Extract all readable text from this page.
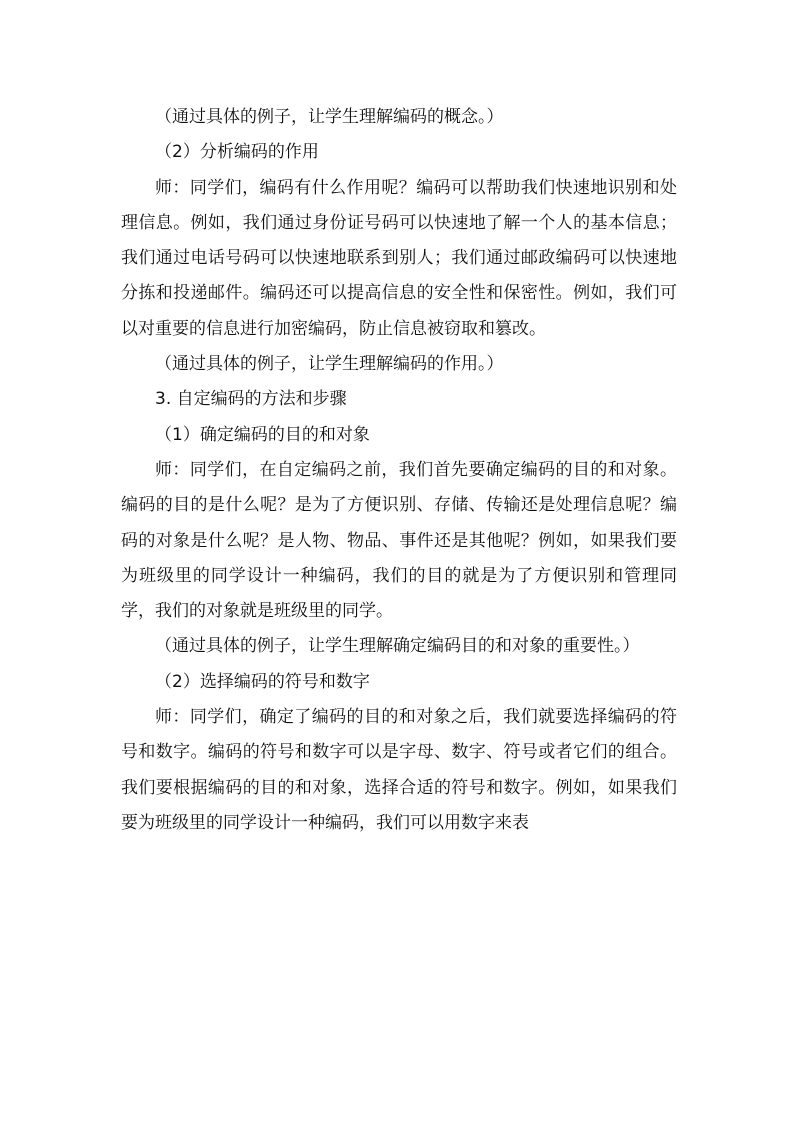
（通过具体的例子，让学生理解编码的概念。）

（2）分析编码的作用

师：同学们，编码有什么作用呢？编码可以帮助我们快速地识别和处理信息。例如，我们通过身份证号码可以快速地了解一个人的基本信息；我们通过电话号码可以快速地联系到别人；我们通过邮政编码可以快速地分拣和投递邮件。编码还可以提高信息的安全性和保密性。例如，我们可以对重要的信息进行加密编码，防止信息被窃取和篡改。

（通过具体的例子，让学生理解编码的作用。）

3. 自定编码的方法和步骤

（1）确定编码的目的和对象

师：同学们，在自定编码之前，我们首先要确定编码的目的和对象。编码的目的是什么呢？是为了方便识别、存储、传输还是处理信息呢？编码的对象是什么呢？是人物、物品、事件还是其他呢？例如，如果我们要为班级里的同学设计一种编码，我们的目的就是为了方便识别和管理同学，我们的对象就是班级里的同学。

（通过具体的例子，让学生理解确定编码目的和对象的重要性。）

（2）选择编码的符号和数字

师：同学们，确定了编码的目的和对象之后，我们就要选择编码的符号和数字。编码的符号和数字可以是字母、数字、符号或者它们的组合。我们要根据编码的目的和对象，选择合适的符号和数字。例如，如果我们要为班级里的同学设计一种编码，我们可以用数字来表
